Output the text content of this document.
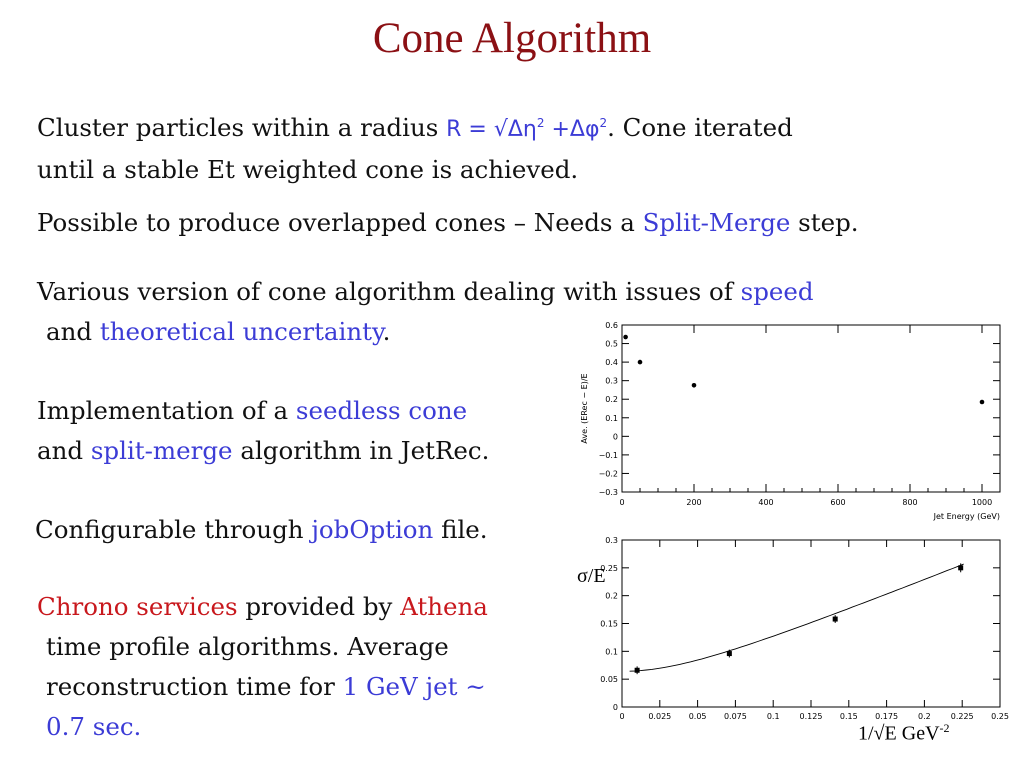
Cone Algorithm
Cluster particles within a radius $R = √\Delta\eta^2 +\Delta\varphi^2$. Cone iterated
until a stable Et weighted cone is achieved.
Possible to produce overlapped cones – Needs a Split-Merge step.
Various version of cone algorithm dealing with issues of speed
and theoretical uncertainty.
Implementation of a seedless cone
and split-merge algorithm in JetRec.
Configurable through jobOption file.
Chrono services provided by Athena
time profile algorithms. Average
reconstruction time for 1 GeV jet ~
0.7 sec.
−0.3
−0.2
−0.1
0
0.1
0.2
0.3
0.4
0.5
0.6
0	200	400	600	800	1000
Jet Energy (GeV)
Ave. (ERec − E)/E
0
0.05
0.1
0.15
0.2
0.25
0.3
0	0.025 0.05 0.075 0.1 0.125 0.15 0.175 0.2 0.225 0.25
σ/E
1/√E GeV$^{-2}$
